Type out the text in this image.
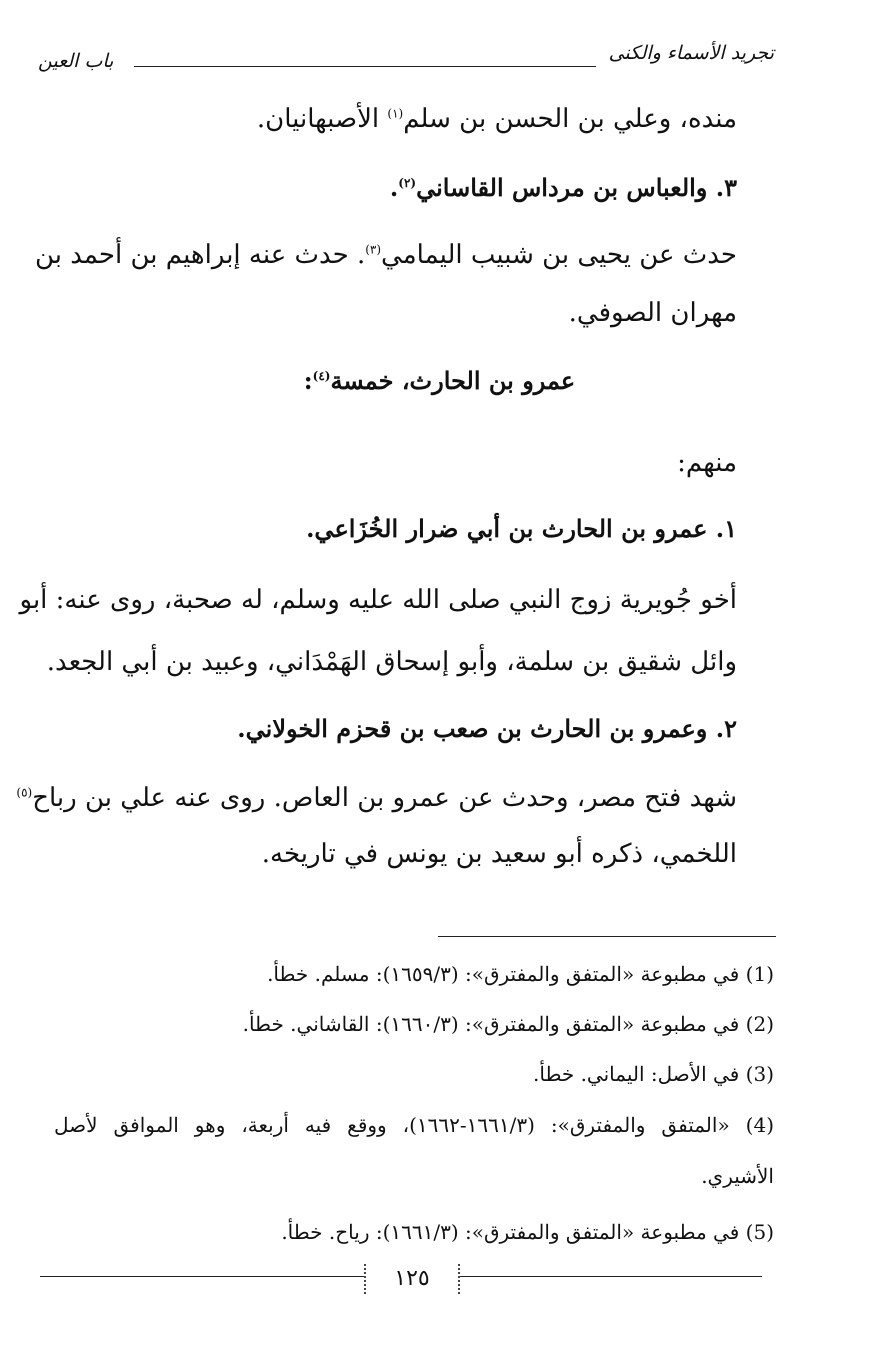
تجريد الأسماء والكنى
باب العين
منده، وعلي بن الحسن بن سلم$^{(١)}$ الأصبهانيان.
٣. والعباس بن مرداس القاساني$^{(٢)}$.
حدث عن يحيى بن شبيب اليمامي$^{(٣)}$. حدث عنه إبراهيم بن أحمد بن
مهران الصوفي.
عمرو بن الحارث، خمسة$^{(٤)}$:
منهم:
١. عمرو بن الحارث بن أبي ضرار الخُزَاعي.
أخو جُويرية زوج النبي صلى الله عليه وسلم، له صحبة، روى عنه: أبو
وائل شقيق بن سلمة، وأبو إسحاق الهَمْدَاني، وعبيد بن أبي الجعد.
٢. وعمرو بن الحارث بن صعب بن قحزم الخولاني.
شهد فتح مصر، وحدث عن عمرو بن العاص. روى عنه علي بن رباح$^{(٥)}$
اللخمي، ذكره أبو سعيد بن يونس في تاريخه.
(1) في مطبوعة «المتفق والمفترق»: (١٦٥٩/٣): مسلم. خطأ.
(2) في مطبوعة «المتفق والمفترق»: (١٦٦٠/٣): القاشاني. خطأ.
(3) في الأصل: اليماني. خطأ.
(4) «المتفق والمفترق»: (١٦٦١/٣-١٦٦٢)، ووقع فيه أربعة، وهو الموافق لأصل
الأشيري.
(5) في مطبوعة «المتفق والمفترق»: (١٦٦١/٣): رياح. خطأ.
١٢٥
